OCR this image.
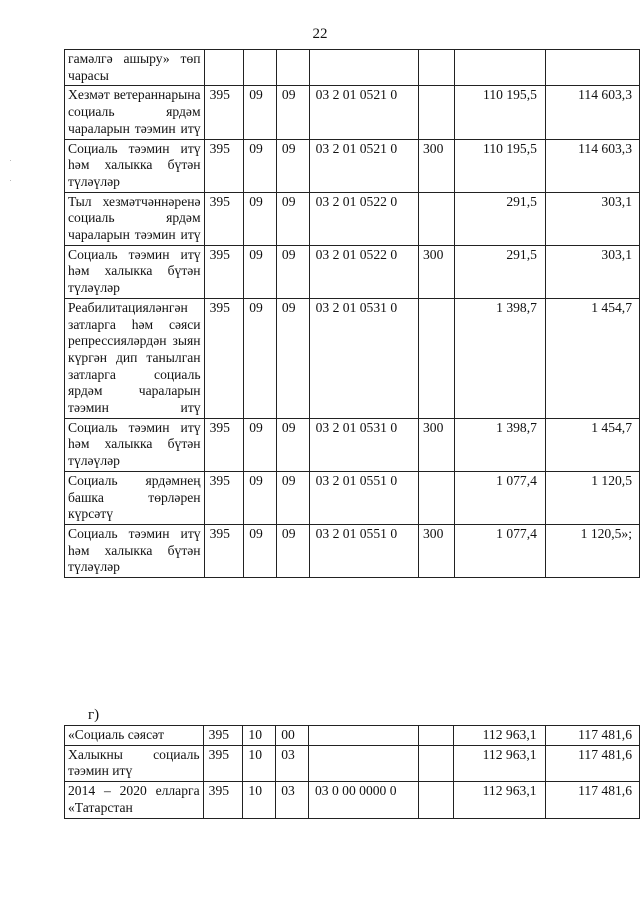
22
гамәлгә ашыру» төп чарасы							
Хезмәт ветераннарына социаль ярдәм чараларын тәэмин итү	395	09	09	03 2 01 0521 0		110 195,5	114 603,3
Социаль тәэмин итү һәм халыкка бүтән түләүләр	395	09	09	03 2 01 0521 0	300	110 195,5	114 603,3
Тыл хезмәтчәннәренә социаль ярдәм чараларын тәэмин итү	395	09	09	03 2 01 0522 0		291,5	303,1
Социаль тәэмин итү һәм халыкка бүтән түләүләр	395	09	09	03 2 01 0522 0	300	291,5	303,1
Реабилитацияләнгән затларга һәм сәяси репрессияләрдән зыян күргән дип танылган затларга социаль ярдәм чараларын тәэмин итү	395	09	09	03 2 01 0531 0		1 398,7	1 454,7
Социаль тәэмин итү һәм халыкка бүтән түләүләр	395	09	09	03 2 01 0531 0	300	1 398,7	1 454,7
Социаль ярдәмнең башка төрләрен күрсәтү	395	09	09	03 2 01 0551 0		1 077,4	1 120,5
Социаль тәэмин итү һәм халыкка бүтән түләүләр	395	09	09	03 2 01 0551 0	300	1 077,4	1 120,5»;
г)
«Социаль сәясәт	395	10	00			112 963,1	117 481,6
Халыкны социаль тәэмин итү	395	10	03			112 963,1	117 481,6
2014 – 2020 елларга «Татарстан	395	10	03	03 0 00 0000 0		112 963,1	117 481,6
